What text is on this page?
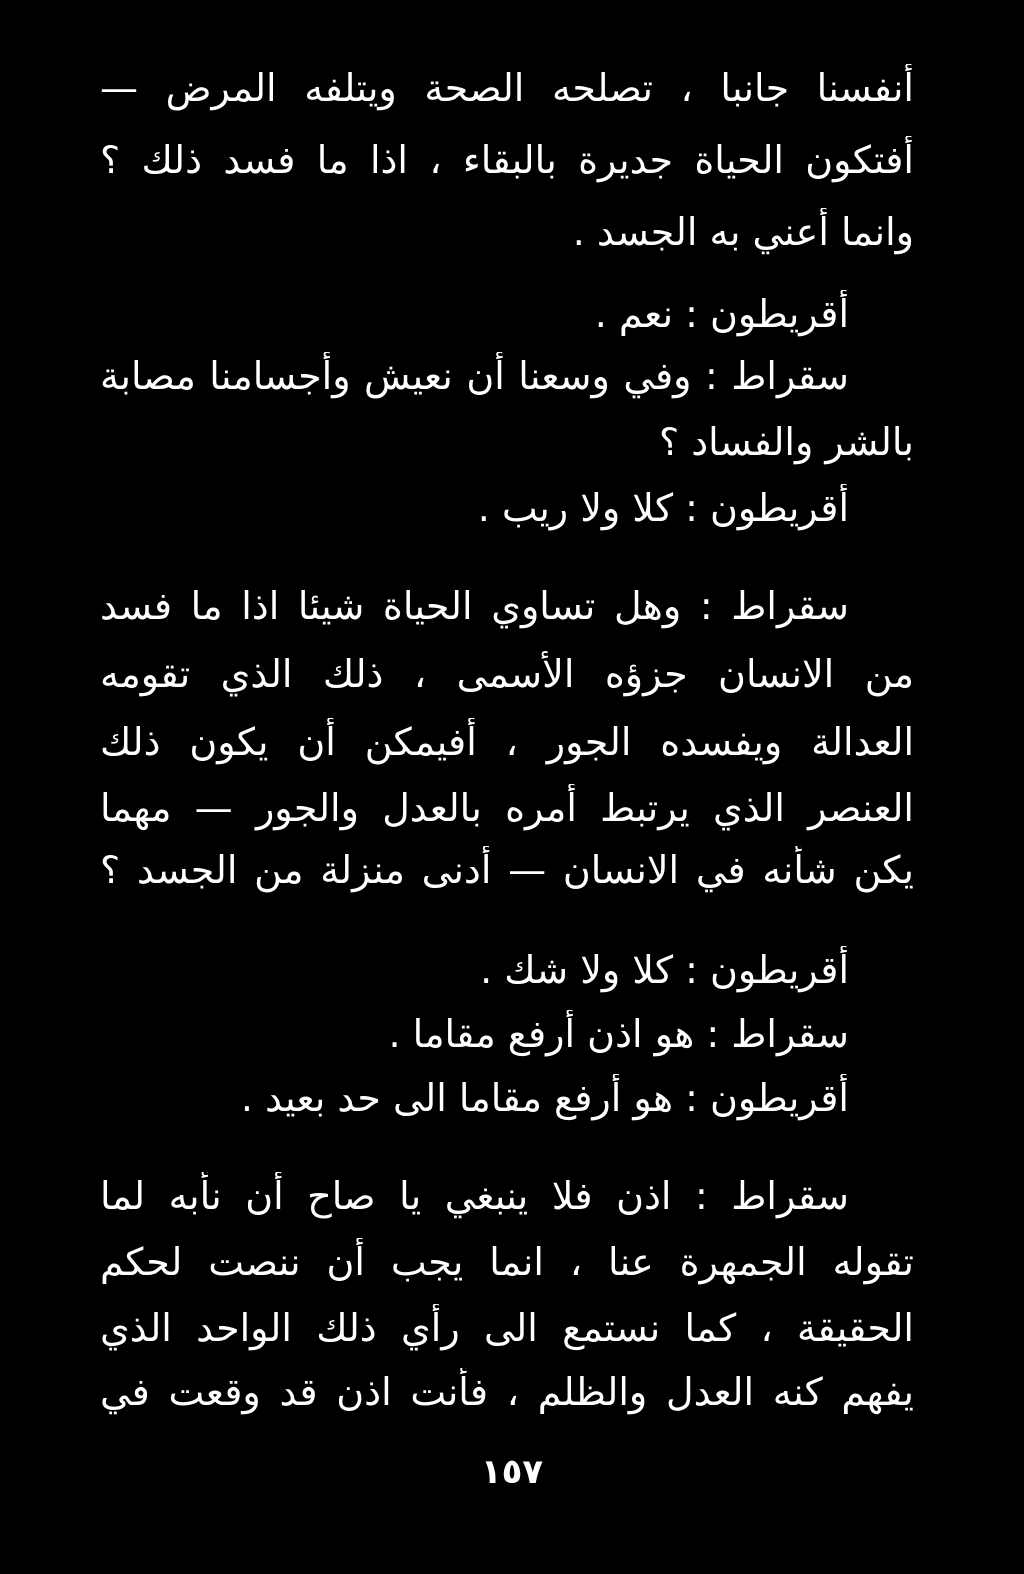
أنفسنا جانبا ، تصلحه الصحة ويتلفه المرض —
أفتكون الحياة جديرة بالبقاء ، اذا ما فسد ذلك ؟
وانما أعني به الجسد .
أقريطون : نعم .
سقراط : وفي وسعنا أن نعيش وأجسامنا مصابة
بالشر والفساد ؟
أقريطون : كلا ولا ريب .
سقراط : وهل تساوي الحياة شيئا اذا ما فسد
من الانسان جزؤه الأسمى ، ذلك الذي تقومه
العدالة ويفسده الجور ، أفيمكن أن يكون ذلك
العنصر الذي يرتبط أمره بالعدل والجور — مهما
يكن شأنه في الانسان — أدنى منزلة من الجسد ؟
أقريطون : كلا ولا شك .
سقراط : هو اذن أرفع مقاما .
أقريطون : هو أرفع مقاما الى حد بعيد .
سقراط : اذن فلا ينبغي يا صاح أن نأبه لما
تقوله الجمهرة عنا ، انما يجب أن ننصت لحكم
الحقيقة ، كما نستمع الى رأي ذلك الواحد الذي
يفهم كنه العدل والظلم ، فأنت اذن قد وقعت في
١٥٧
